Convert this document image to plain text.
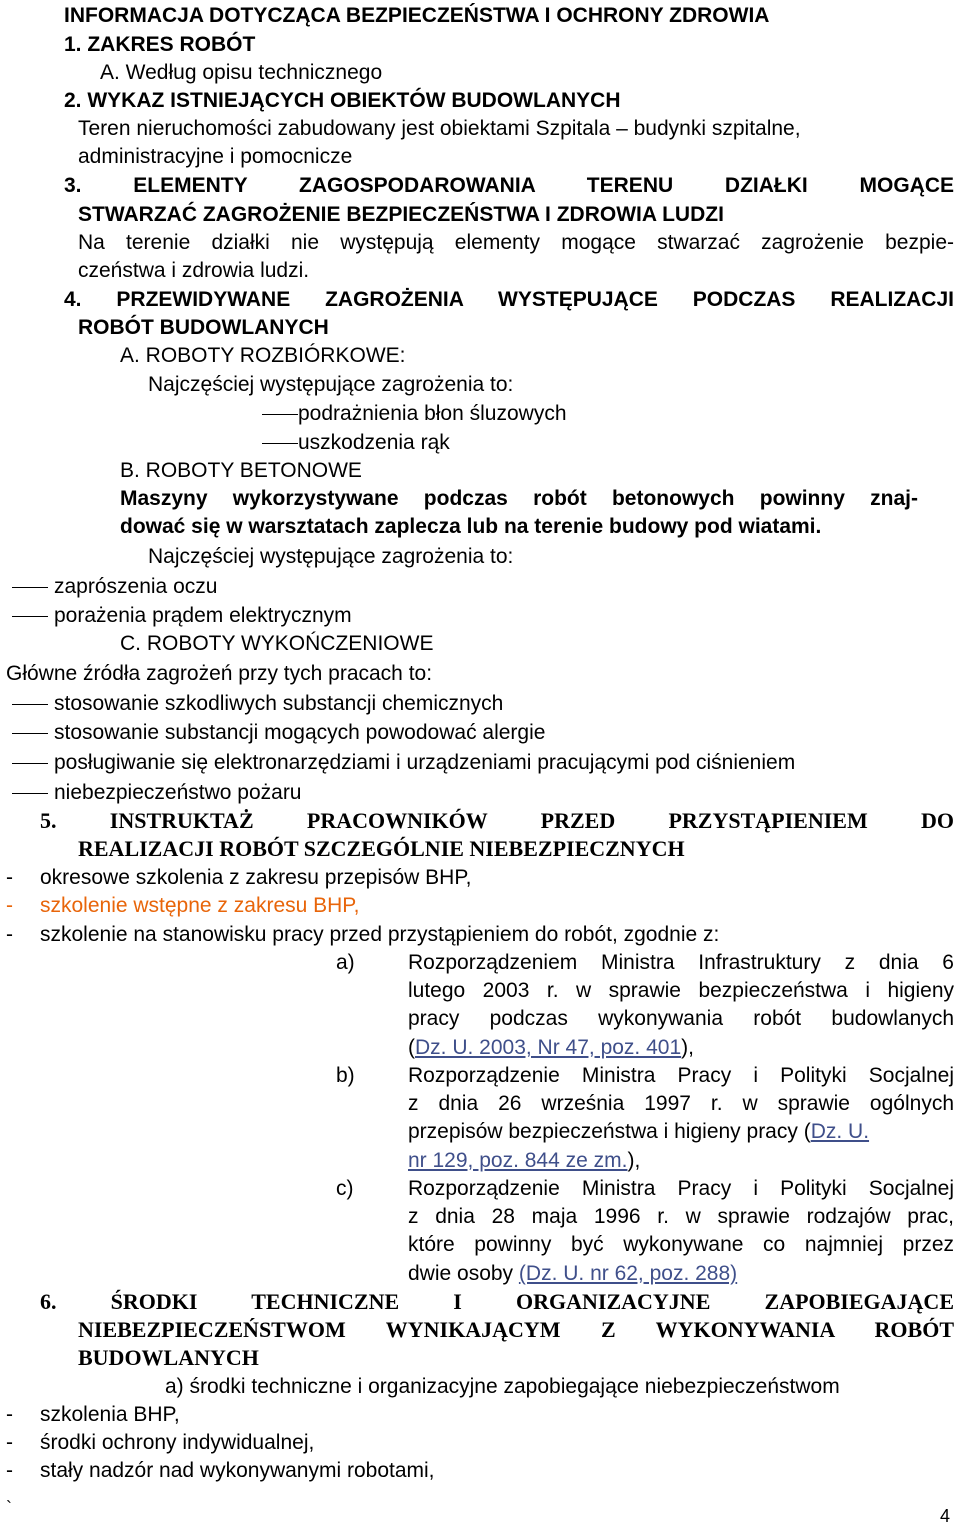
INFORMACJA DOTYCZĄCA BEZPIECZEŃSTWA I OCHRONY ZDROWIA
1. ZAKRES ROBÓT
A. Według opisu technicznego
2. WYKAZ ISTNIEJĄCYCH OBIEKTÓW BUDOWLANYCH
Teren nieruchomości zabudowany jest obiektami Szpitala – budynki szpitalne,
administracyjne i pomocnicze
3. ELEMENTY ZAGOSPODAROWANIA TERENU DZIAŁKI MOGĄCE
STWARZAĆ ZAGROŻENIE BEZPIECZEŃSTWA I ZDROWIA LUDZI
Na terenie działki nie występują elementy mogące stwarzać zagrożenie bezpie-
czeństwa i zdrowia ludzi.
4. PRZEWIDYWANE ZAGROŻENIA WYSTĘPUJĄCE PODCZAS REALIZACJI
ROBÓT BUDOWLANYCH
A. ROBOTY ROZBIÓRKOWE:
Najczęściej występujące zagrożenia to:
podrażnienia błon śluzowych
uszkodzenia rąk
B. ROBOTY BETONOWE
Maszyny wykorzystywane podczas robót betonowych powinny znaj-
dować się w warsztatach zaplecza lub na terenie budowy pod wiatami.
Najczęściej występujące zagrożenia to:
zaprószenia oczu
porażenia prądem elektrycznym
C. ROBOTY WYKOŃCZENIOWE
Główne źródła zagrożeń przy tych pracach to:
stosowanie szkodliwych substancji chemicznych
stosowanie substancji mogących powodować alergie
posługiwanie się elektronarzędziami i urządzeniami pracującymi pod ciśnieniem
niebezpieczeństwo pożaru
5. INSTRUKTAŻ PRACOWNIKÓW PRZED PRZYSTĄPIENIEM DO
REALIZACJI ROBÓT SZCZEGÓLNIE NIEBEZPIECZNYCH
- okresowe szkolenia z zakresu przepisów BHP,
- szkolenie wstępne z zakresu BHP,
- szkolenie na stanowisku pracy przed przystąpieniem do robót, zgodnie z:
a)	Rozporządzeniem Ministra Infrastruktury z dnia 6
lutego 2003 r. w sprawie bezpieczeństwa i higieny
pracy podczas wykonywania robót budowlanych
(Dz. U. 2003, Nr 47, poz. 401),
b)	Rozporządzenie Ministra Pracy i Polityki Socjalnej
z dnia 26 września 1997 r. w sprawie ogólnych
przepisów bezpieczeństwa i higieny pracy (Dz. U.
nr 129, poz. 844 ze zm.),
c)	Rozporządzenie Ministra Pracy i Polityki Socjalnej
z dnia 28 maja 1996 r. w sprawie rodzajów prac,
które powinny być wykonywane co najmniej przez
dwie osoby (Dz. U. nr 62, poz. 288)
6. ŚRODKI TECHNICZNE I ORGANIZACYJNE ZAPOBIEGAJĄCE
NIEBEZPIECZEŃSTWOM WYNIKAJĄCYM Z WYKONYWANIA ROBÓT
BUDOWLANYCH
a) środki techniczne i organizacyjne zapobiegające niebezpieczeństwom
- szkolenia BHP,
- środki ochrony indywidualnej,
- stały nadzór nad wykonywanymi robotami,
`	4
